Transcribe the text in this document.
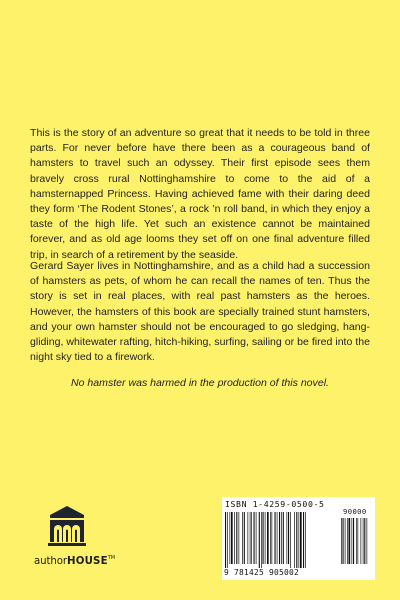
This is the story of an adventure so great that it needs to be told in three parts. For never before have there been as a courageous band of hamsters to travel such an odyssey. Their first episode sees them bravely cross rural Nottinghamshire to come to the aid of a hamsternapped Princess. Having achieved fame with their daring deed they form ‘The Rodent Stones’, a rock ’n roll band, in which they enjoy a taste of the high life. Yet such an existence cannot be maintained forever, and as old age looms they set off on one final adventure filled trip, in search of a retirement by the seaside.

Gerard Sayer lives in Nottinghamshire, and as a child had a succession of hamsters as pets, of whom he can recall the names of ten. Thus the story is set in real places, with real past hamsters as the heroes. However, the hamsters of this book are specially trained stunt hamsters, and your own hamster should not be encouraged to go sledging, hang-gliding, whitewater rafting, hitch-hiking, surfing, sailing or be fired into the night sky tied to a firework.

No hamster was harmed in the production of this novel.

authorHOUSE™
ISBN 1-4259-0500-5
90000
9 781425 905002
